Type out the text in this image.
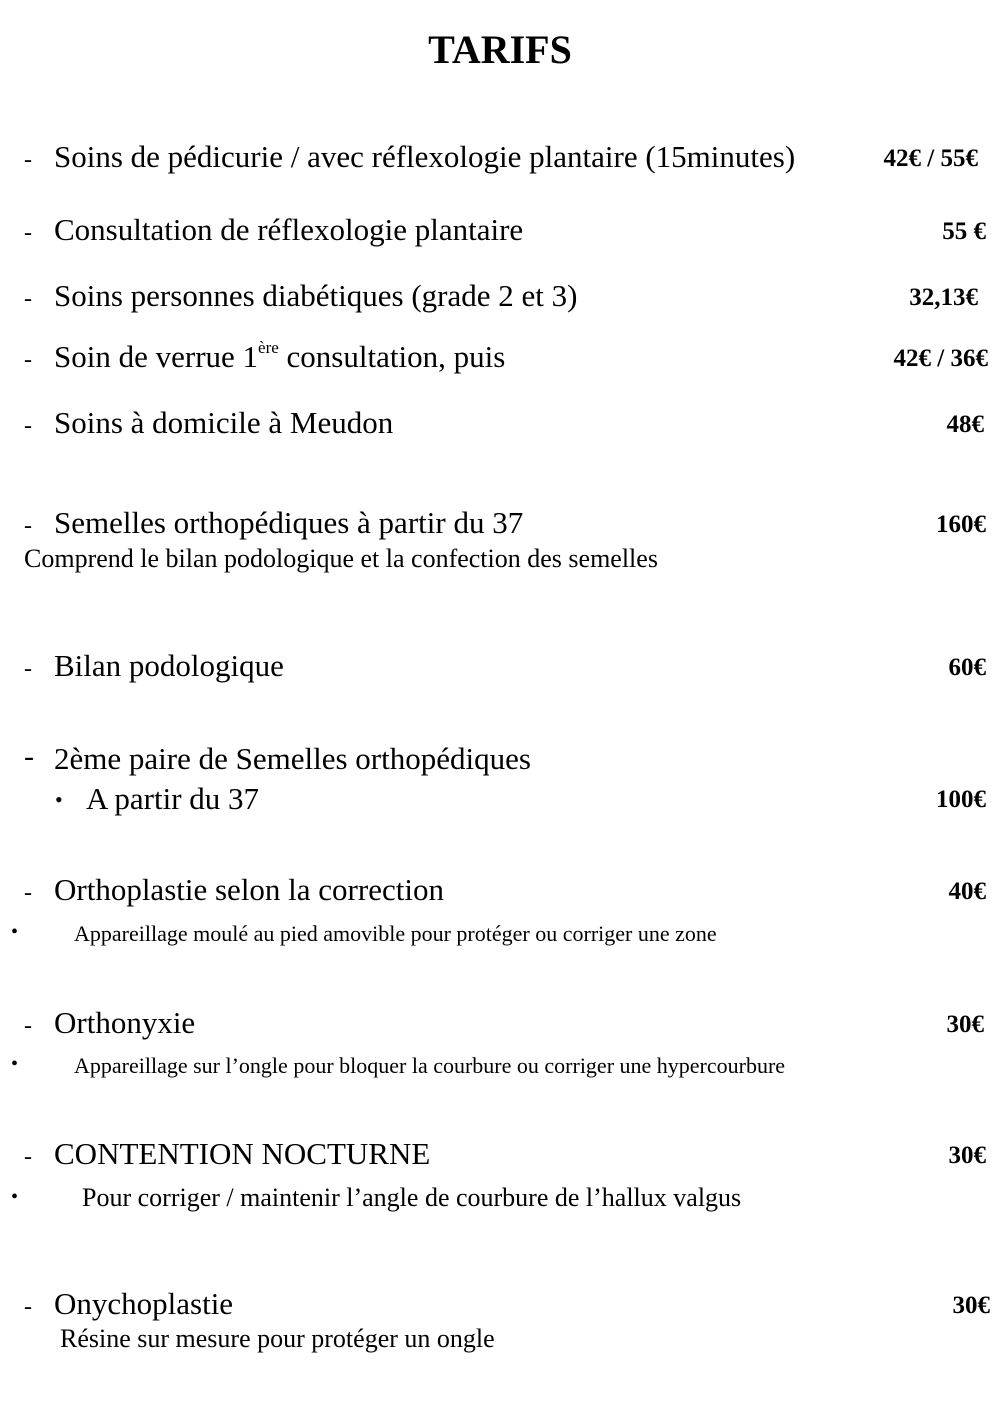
TARIFS
- Soins de pédicurie / avec réflexologie plantaire (15minutes)	42€ / 55€
- Consultation de réflexologie plantaire	55 €
- Soins personnes diabétiques (grade 2 et 3)	32,13€
- Soin de verrue 1ère consultation, puis	42€ / 36€
- Soins à domicile à Meudon	48€
- Semelles orthopédiques à partir du 37	160€
Comprend le bilan podologique et la confection des semelles
- Bilan podologique	60€
- 2ème paire de Semelles orthopédiques
• A partir du 37	100€
- Orthoplastie selon la correction	40€
•	Appareillage moulé au pied amovible pour protéger ou corriger une zone
- Orthonyxie	30€
•	Appareillage sur l’ongle pour bloquer la courbure ou corriger une hypercourbure
- CONTENTION NOCTURNE	30€
• Pour corriger / maintenir l’angle de courbure de l’hallux valgus
- Onychoplastie	30€
Résine sur mesure pour protéger un ongle
